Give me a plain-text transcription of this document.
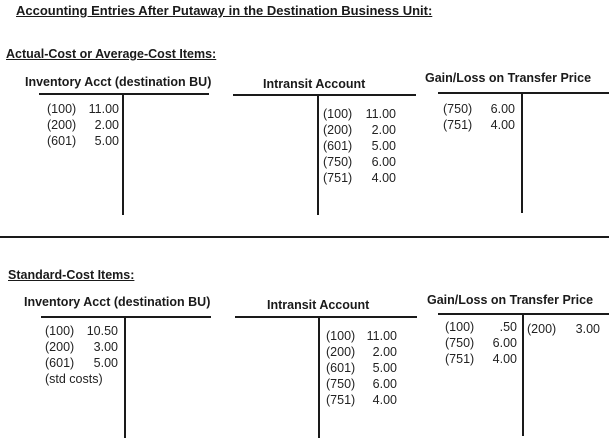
Accounting Entries After Putaway in the Destination Business Unit:
Actual-Cost or Average-Cost Items:
Inventory Acct (destination BU)
(100) 11.00
(200) 2.00
(601) 5.00
Intransit Account
(100) 11.00
(200) 2.00
(601) 5.00
(750) 6.00
(751) 4.00
Gain/Loss on Transfer Price
(750) 6.00
(751) 4.00
Standard-Cost Items:
Inventory Acct (destination BU)
(100) 10.50
(200) 3.00
(601) 5.00
(std costs)
Intransit Account
(100) 11.00
(200) 2.00
(601) 5.00
(750) 6.00
(751) 4.00
Gain/Loss on Transfer Price
(100) .50
(750) 6.00
(751) 4.00
(200) 3.00
